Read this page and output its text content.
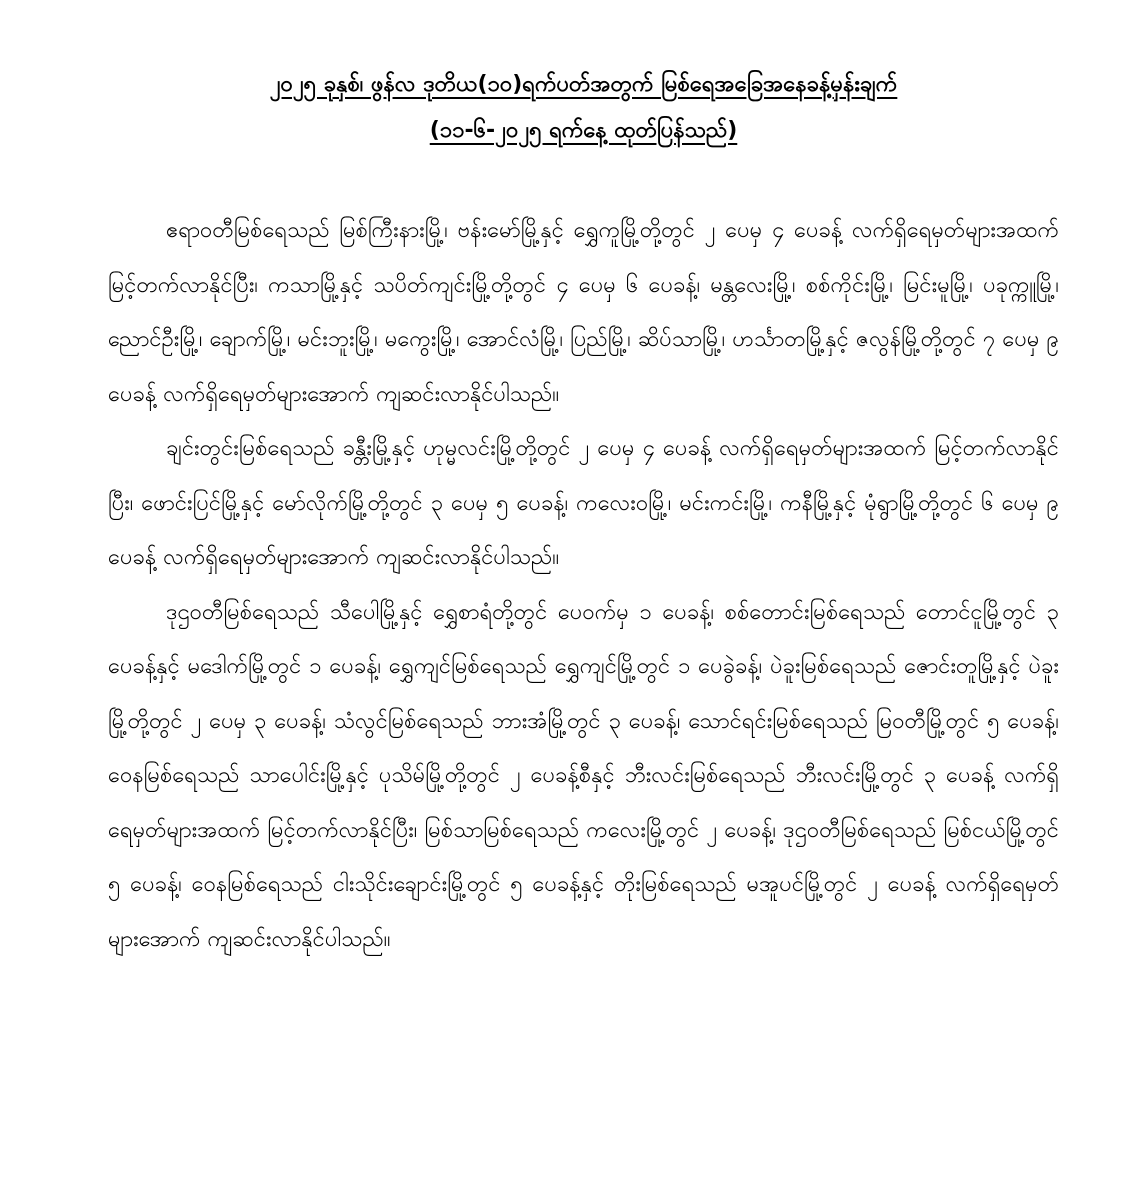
၂၀၂၅ ခုနှစ်၊ ဖွန်လ ဒုတိယ(၁၀)ရက်ပတ်အတွက် မြစ်ရေအခြေအနေခန့်မှန်းချက်
(၁၁-၆-၂၀၂၅ ရက်နေ့ ထုတ်ပြန်သည်)

ဧရာဝတီမြစ်ရေသည် မြစ်ကြီးနားမြို့၊ ဗန်းမော်မြို့နှင့် ရွှေကူမြို့တို့တွင် ၂ ပေမှ ၄ ပေခန့် လက်ရှိရေမှတ်များအထက် မြင့်တက်လာနိုင်ပြီး၊ ကသာမြို့နှင့် သပိတ်ကျင်းမြို့တို့တွင် ၄ ပေမှ ၆ ပေခန့်၊ မန္တလေးမြို့၊ စစ်ကိုင်းမြို့၊ မြင်းမူမြို့၊ ပခုက္ကူမြို့၊ ညောင်ဦးမြို့၊ ချောက်မြို့၊ မင်းဘူးမြို့၊ မကွေးမြို့၊ အောင်လံမြို့၊ ပြည်မြို့၊ ဆိပ်သာမြို့၊ ဟင်္သာတမြို့နှင့် ဇလွန်မြို့တို့တွင် ၇ ပေမှ ၉ ပေခန့် လက်ရှိရေမှတ်များအောက် ကျဆင်းလာနိုင်ပါသည်။

ချင်းတွင်းမြစ်ရေသည် ခန္တီးမြို့နှင့် ဟုမ္မလင်းမြို့တို့တွင် ၂ ပေမှ ၄ ပေခန့် လက်ရှိရေမှတ်များအထက် မြင့်တက်လာနိုင်ပြီး၊ ဖောင်းပြင်မြို့နှင့် မော်လိုက်မြို့တို့တွင် ၃ ပေမှ ၅ ပေခန့်၊ ကလေးဝမြို့၊ မင်းကင်းမြို့၊ ကနီမြို့နှင့် မုံရွာမြို့တို့တွင် ၆ ပေမှ ၉ ပေခန့် လက်ရှိရေမှတ်များအောက် ကျဆင်းလာနိုင်ပါသည်။

ဒုဌဝတီမြစ်ရေသည် သီပေါမြို့နှင့် ရွှေစာရံတို့တွင် ပေဝက်မှ ၁ ပေခန့်၊ စစ်တောင်းမြစ်ရေသည် တောင်ငူမြို့တွင် ၃ ပေခန့်နှင့် မဒေါက်မြို့တွင် ၁ ပေခန့်၊ ရွှေကျင်မြစ်ရေသည် ရွှေကျင်မြို့တွင် ၁ ပေခွဲခန့်၊ ပဲခူးမြစ်ရေသည် ဇောင်းတူမြို့နှင့် ပဲခူးမြို့တို့တွင် ၂ ပေမှ ၃ ပေခန့်၊ သံလွင်မြစ်ရေသည် ဘားအံမြို့တွင် ၃ ပေခန့်၊ သောင်ရင်းမြစ်ရေသည် မြဝတီမြို့တွင် ၅ ပေခန့်၊ ဝေနမြစ်ရေသည် သာပေါင်းမြို့နှင့် ပုသိမ်မြို့တို့တွင် ၂ ပေခန့်စီနှင့် ဘီးလင်းမြစ်ရေသည် ဘီးလင်းမြို့တွင် ၃ ပေခန့် လက်ရှိရေမှတ်များအထက် မြင့်တက်လာနိုင်ပြီး၊ မြစ်သာမြစ်ရေသည် ကလေးမြို့တွင် ၂ ပေခန့်၊ ဒုဌဝတီမြစ်ရေသည် မြစ်ငယ်မြို့တွင် ၅ ပေခန့်၊ ဝေနမြစ်ရေသည် ငါးသိုင်းချောင်းမြို့တွင် ၅ ပေခန့်နှင့် တိုးမြစ်ရေသည် မအူပင်မြို့တွင် ၂ ပေခန့် လက်ရှိရေမှတ်များအောက် ကျဆင်းလာနိုင်ပါသည်။
